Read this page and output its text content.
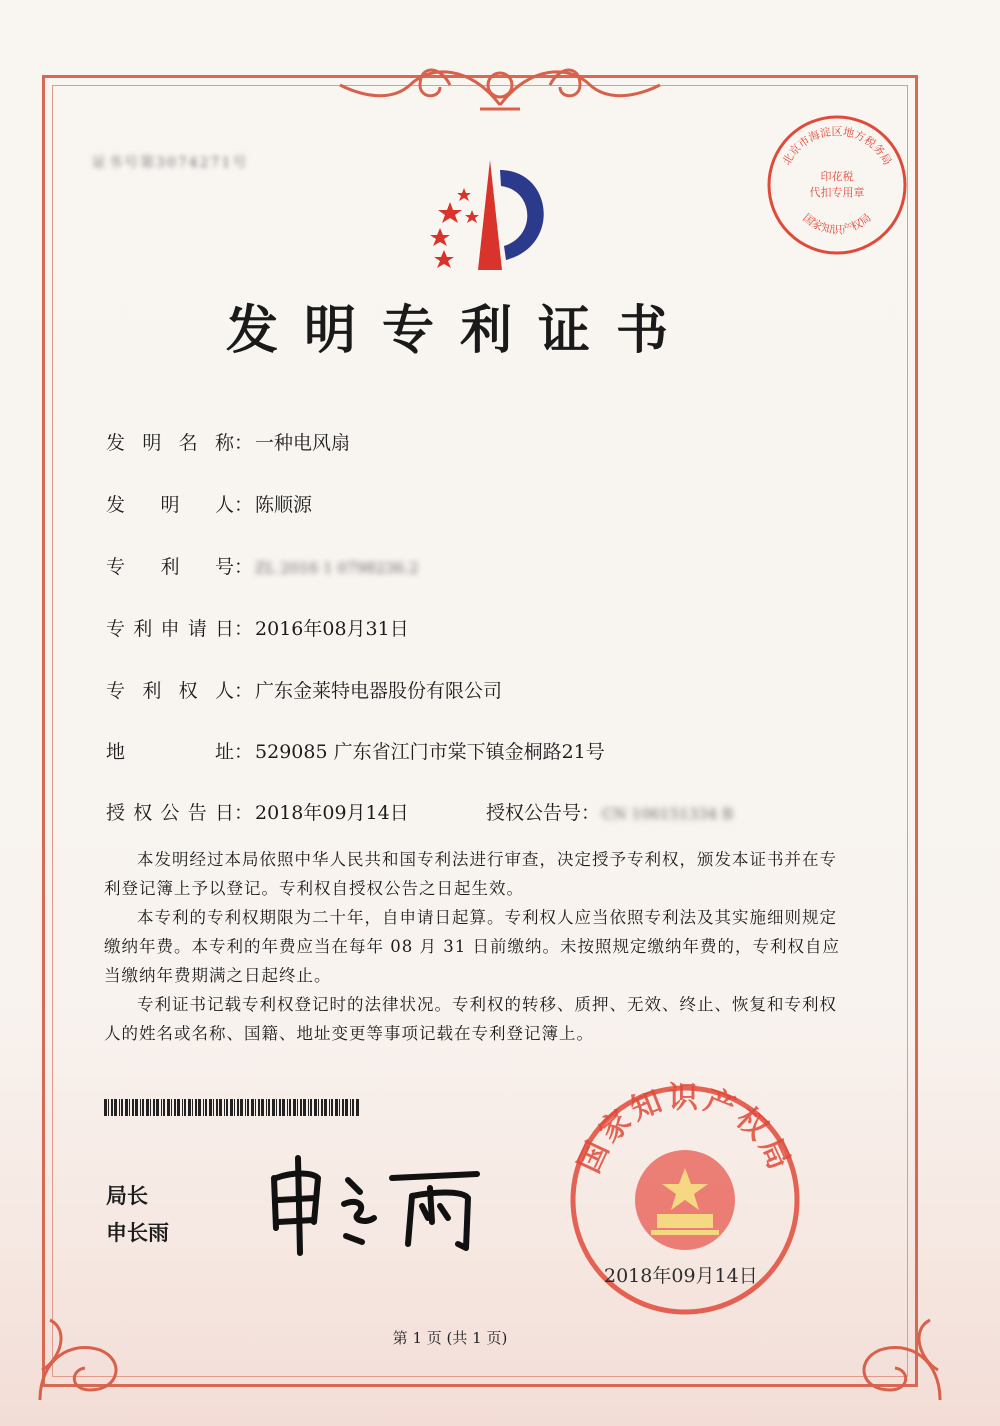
证书号第3074271号	北京市海淀区地方税务局
印花税
代扣专用章
国家知识产权局
发明专利证书
发明名称： 一种电风扇
发明人： 陈顺源
专利号： ZL 2016 1 0798236.2
专利申请日： 2016年08月31日
专利权人： 广东金莱特电器股份有限公司
地址： 529085 广东省江门市棠下镇金桐路21号
授权公告日： 2018年09月14日	授权公告号： CN 106151334 B

本发明经过本局依照中华人民共和国专利法进行审查，决定授予专利权，颁发本证书并在专利登记簿上予以登记。专利权自授权公告之日起生效。

本专利的专利权期限为二十年，自申请日起算。专利权人应当依照专利法及其实施细则规定缴纳年费。本专利的年费应当在每年 08 月 31 日前缴纳。未按照规定缴纳年费的，专利权自应当缴纳年费期满之日起终止。

专利证书记载专利权登记时的法律状况。专利权的转移、质押、无效、终止、恢复和专利权人的姓名或名称、国籍、地址变更等事项记载在专利登记簿上。

局长
申长雨
国家知识产权局
2018年09月14日
第 1 页 (共 1 页)
